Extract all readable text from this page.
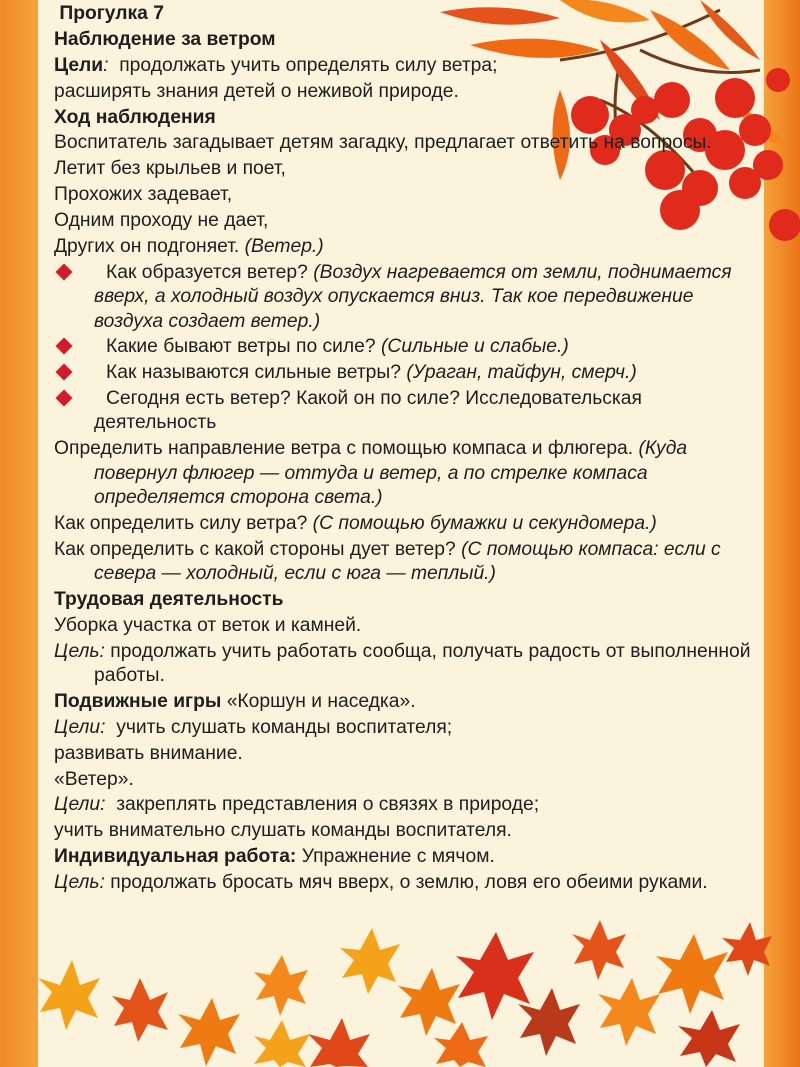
Прогулка 7
Наблюдение за ветром
Цели: продолжать учить определять силу ветра;
расширять знания детей о неживой природе.
Ход наблюдения
Воспитатель загадывает детям загадку, предлагает ответить на вопросы.
Летит без крыльев и поет,
Прохожих задевает,
Одним проходу не дает,
Других он подгоняет. (Ветер.)
Как образуется ветер? (Воздух нагревается от земли, поднимается вверх, а холодный воздух опускается вниз. Так кое передвижение воздуха создает ветер.)
Какие бывают ветры по силе? (Сильные и слабые.)
Как называются сильные ветры? (Ураган, тайфун, смерч.)
Сегодня есть ветер? Какой он по силе? Исследовательская деятельность
Определить направление ветра с помощью компаса и флюгера. (Куда повернул флюгер — оттуда и ветер, а по стрелке компаса определяется сторона света.)
Как определить силу ветра? (С помощью бумажки и секундомера.)
Как определить с какой стороны дует ветер? (С помощью компаса: если с севера — холодный, если с юга — теплый.)
Трудовая деятельность
Уборка участка от веток и камней.
Цель: продолжать учить работать сообща, получать радость от выполненной работы.
Подвижные игры «Коршун и наседка».
Цели: учить слушать команды воспитателя;
развивать внимание.
«Ветер».
Цели: закреплять представления о связях в природе;
учить внимательно слушать команды воспитателя.
Индивидуальная работа: Упражнение с мячом.
Цель: продолжать бросать мяч вверх, о землю, ловя его обеими руками.
